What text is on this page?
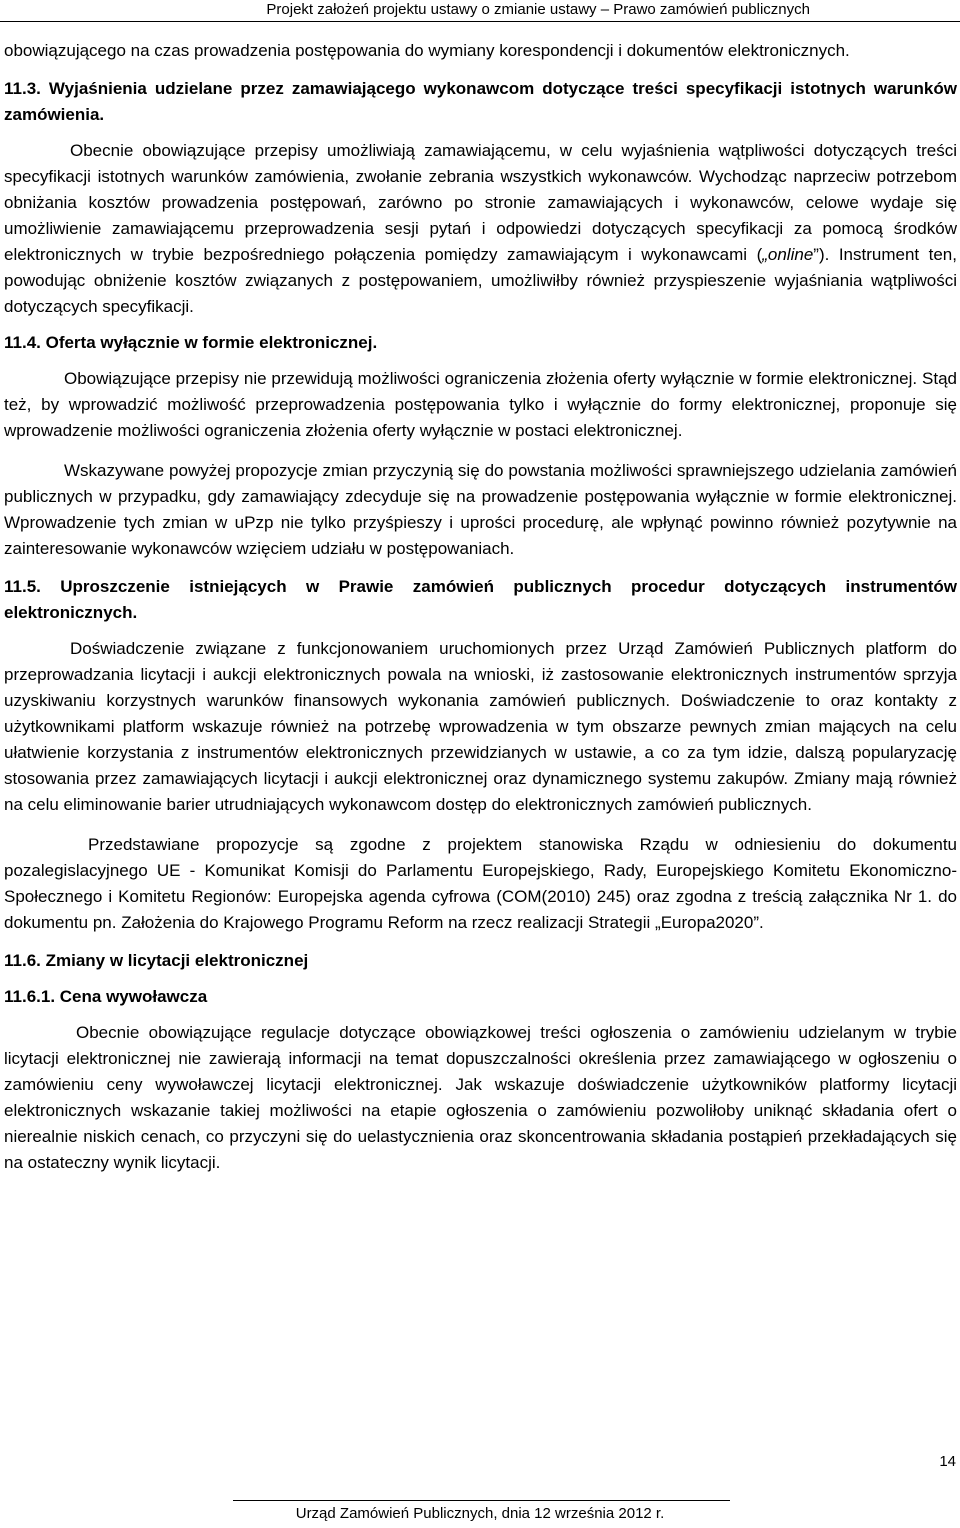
Projekt założeń projektu ustawy o zmianie ustawy – Prawo zamówień publicznych

obowiązującego na czas prowadzenia postępowania do wymiany korespondencji i dokumentów elektronicznych.

11.3. Wyjaśnienia udzielane przez zamawiającego wykonawcom dotyczące treści specyfikacji istotnych warunków zamówienia.

Obecnie obowiązujące przepisy umożliwiają zamawiającemu, w celu wyjaśnienia wątpliwości dotyczących treści specyfikacji istotnych warunków zamówienia, zwołanie zebrania wszystkich wykonawców. Wychodząc naprzeciw potrzebom obniżania kosztów prowadzenia postępowań, zarówno po stronie zamawiających i wykonawców, celowe wydaje się umożliwienie zamawiającemu przeprowadzenia sesji pytań i odpowiedzi dotyczących specyfikacji za pomocą środków elektronicznych w trybie bezpośredniego połączenia pomiędzy zamawiającym i wykonawcami („online”). Instrument ten, powodując obniżenie kosztów związanych z postępowaniem, umożliwiłby również przyspieszenie wyjaśniania wątpliwości dotyczących specyfikacji.

11.4. Oferta wyłącznie w formie elektronicznej.

Obowiązujące przepisy nie przewidują możliwości ograniczenia złożenia oferty wyłącznie w formie elektronicznej. Stąd też, by wprowadzić możliwość przeprowadzenia postępowania tylko i wyłącznie do formy elektronicznej, proponuje się wprowadzenie możliwości ograniczenia złożenia oferty wyłącznie w postaci elektronicznej.

Wskazywane powyżej propozycje zmian przyczynią się do powstania możliwości sprawniejszego udzielania zamówień publicznych w przypadku, gdy zamawiający zdecyduje się na prowadzenie postępowania wyłącznie w formie elektronicznej. Wprowadzenie tych zmian w uPzp nie tylko przyśpieszy i uprości procedurę, ale wpłynąć powinno również pozytywnie na zainteresowanie wykonawców wzięciem udziału w postępowaniach.

11.5. Uproszczenie istniejących w Prawie zamówień publicznych procedur dotyczących instrumentów elektronicznych.

Doświadczenie związane z funkcjonowaniem uruchomionych przez Urząd Zamówień Publicznych platform do przeprowadzania licytacji i aukcji elektronicznych powala na wnioski, iż zastosowanie elektronicznych instrumentów sprzyja uzyskiwaniu korzystnych warunków finansowych wykonania zamówień publicznych. Doświadczenie to oraz kontakty z użytkownikami platform wskazuje również na potrzebę wprowadzenia w tym obszarze pewnych zmian mających na celu ułatwienie korzystania z instrumentów elektronicznych przewidzianych w ustawie, a co za tym idzie, dalszą popularyzację stosowania przez zamawiających licytacji i aukcji elektronicznej oraz dynamicznego systemu zakupów. Zmiany mają również na celu eliminowanie barier utrudniających wykonawcom dostęp do elektronicznych zamówień publicznych.

Przedstawiane propozycje są zgodne z projektem stanowiska Rządu w odniesieniu do dokumentu pozalegislacyjnego UE - Komunikat Komisji do Parlamentu Europejskiego, Rady, Europejskiego Komitetu Ekonomiczno-Społecznego i Komitetu Regionów: Europejska agenda cyfrowa (COM(2010) 245) oraz zgodna z treścią załącznika Nr 1. do dokumentu pn. Założenia do Krajowego Programu Reform na rzecz realizacji Strategii „Europa2020”.

11.6. Zmiany w licytacji elektronicznej

11.6.1. Cena wywoławcza

Obecnie obowiązujące regulacje dotyczące obowiązkowej treści ogłoszenia o zamówieniu udzielanym w trybie licytacji elektronicznej nie zawierają informacji na temat dopuszczalności określenia przez zamawiającego w ogłoszeniu o zamówieniu ceny wywoławczej licytacji elektronicznej. Jak wskazuje doświadczenie użytkowników platformy licytacji elektronicznych wskazanie takiej możliwości na etapie ogłoszenia o zamówieniu pozwoliłoby uniknąć składania ofert o nierealnie niskich cenach, co przyczyni się do uelastycznienia oraz skoncentrowania składania postąpień przekładających się na ostateczny wynik licytacji.

14
Urząd Zamówień Publicznych, dnia 12 września 2012 r.
